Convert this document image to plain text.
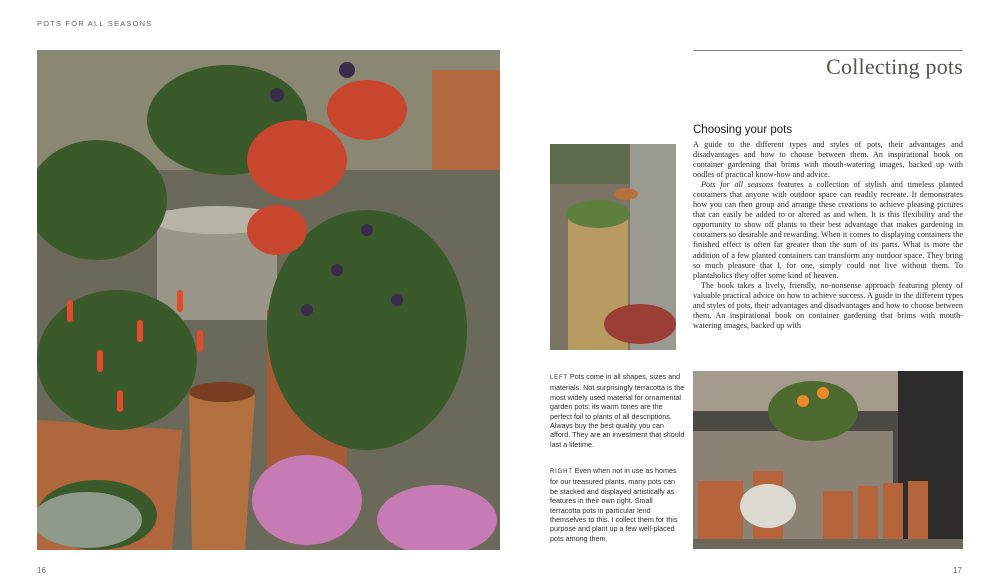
POTS FOR ALL SEASONS
Collecting pots
Choosing your pots

A guide to the different types and styles of pots, their advantages and disadvantages and how to choose between them. An inspirational book on container gardening that brims with mouth-watering images, backed up with oodles of practical know-how and advice.

Pots for all seasons features a collection of stylish and timeless planted containers that anyone with outdoor space can readily recreate. It demonstrates how you can then group and arrange these creations to achieve pleasing pictures that can easily be added to or altered as and when. It is this flexibility and the opportunity to show off plants to their best advantage that makes gardening in containers so desirable and rewarding. When it comes to displaying containers the finished effect is often far greater than the sum of its parts. What is more the addition of a few planted containers can transform any outdoor space. They bring so much pleasure that I, for one, simply could not live without them. To plantaholics they offer some kind of heaven.

The book takes a lively, friendly, no-nonsense approach featuring plenty of valuable practical advice on how to achieve success. A guide to the different types and styles of pots, their advantages and disadvantages and how to choose between them. An inspirational book on container gardening that brims with mouth-watering images, backed up with

LEFT Pots come in all shapes, sizes and materials. Not surprisingly terracotta is the most widely used material for ornamental garden pots; its warm tones are the perfect foil to plants of all descriptions. Always buy the best quality you can afford. They are an investment that should last a lifetime.
RIGHT Even when not in use as homes for our treasured plants, many pots can be stacked and displayed artistically as features in their own right. Small terracotta pots in particular lend themselves to this. I collect them for this purpose and plant up a few well-placed pots among them.
16	17
